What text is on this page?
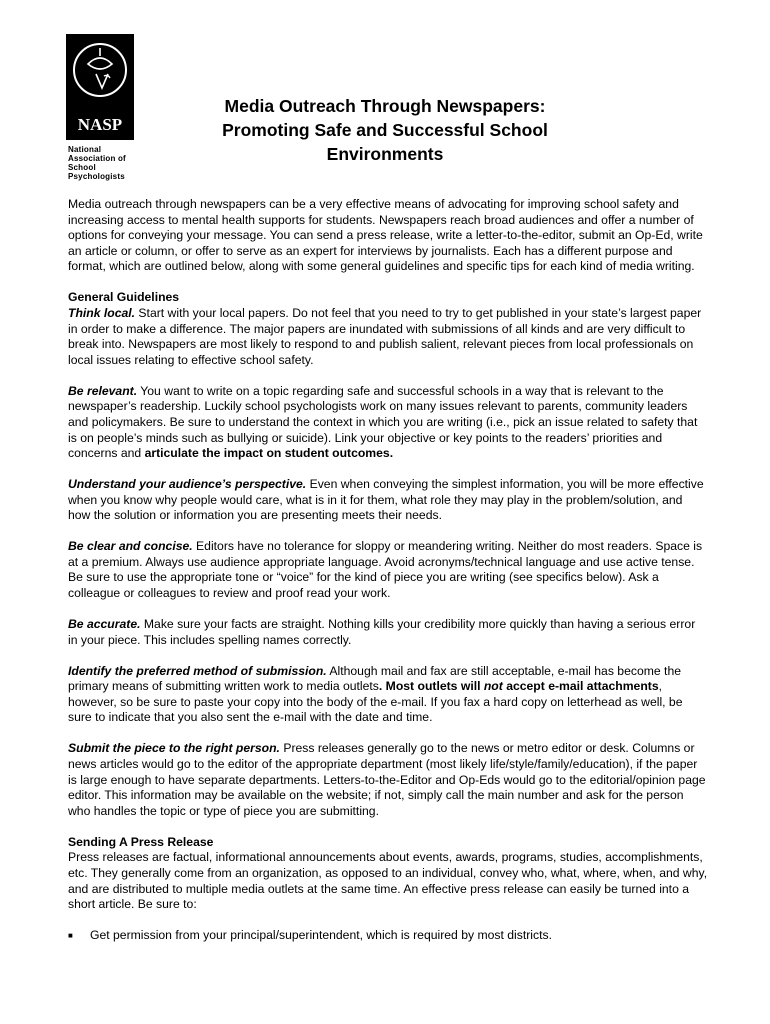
NASP
National
Association of
School
Psychologists
Media Outreach Through Newspapers:
Promoting Safe and Successful School
Environments

Media outreach through newspapers can be a very effective means of advocating for improving school safety and increasing access to mental health supports for students. Newspapers reach broad audiences and offer a number of options for conveying your message. You can send a press release, write a letter-to-the-editor, submit an Op-Ed, write an article or column, or offer to serve as an expert for interviews by journalists. Each has a different purpose and format, which are outlined below, along with some general guidelines and specific tips for each kind of media writing.

General Guidelines
Think local. Start with your local papers. Do not feel that you need to try to get published in your state’s largest paper in order to make a difference. The major papers are inundated with submissions of all kinds and are very difficult to break into. Newspapers are most likely to respond to and publish salient, relevant pieces from local professionals on local issues relating to effective school safety.

Be relevant. You want to write on a topic regarding safe and successful schools in a way that is relevant to the newspaper’s readership. Luckily school psychologists work on many issues relevant to parents, community leaders and policymakers. Be sure to understand the context in which you are writing (i.e., pick an issue related to safety that is on people’s minds such as bullying or suicide). Link your objective or key points to the readers’ priorities and concerns and articulate the impact on student outcomes.

Understand your audience’s perspective. Even when conveying the simplest information, you will be more effective when you know why people would care, what is in it for them, what role they may play in the problem/solution, and how the solution or information you are presenting meets their needs.

Be clear and concise. Editors have no tolerance for sloppy or meandering writing. Neither do most readers. Space is at a premium. Always use audience appropriate language. Avoid acronyms/technical language and use active tense. Be sure to use the appropriate tone or “voice” for the kind of piece you are writing (see specifics below). Ask a colleague or colleagues to review and proof read your work.

Be accurate. Make sure your facts are straight. Nothing kills your credibility more quickly than having a serious error in your piece. This includes spelling names correctly.

Identify the preferred method of submission. Although mail and fax are still acceptable, e-mail has become the primary means of submitting written work to media outlets. Most outlets will not accept e-mail attachments, however, so be sure to paste your copy into the body of the e-mail. If you fax a hard copy on letterhead as well, be sure to indicate that you also sent the e-mail with the date and time.

Submit the piece to the right person. Press releases generally go to the news or metro editor or desk. Columns or news articles would go to the editor of the appropriate department (most likely life/style/family/education), if the paper is large enough to have separate departments. Letters-to-the-Editor and Op-Eds would go to the editorial/opinion page editor. This information may be available on the website; if not, simply call the main number and ask for the person who handles the topic or type of piece you are submitting.

Sending A Press Release
Press releases are factual, informational announcements about events, awards, programs, studies, accomplishments, etc. They generally come from an organization, as opposed to an individual, convey who, what, where, when, and why, and are distributed to multiple media outlets at the same time. An effective press release can easily be turned into a short article. Be sure to:

■ Get permission from your principal/superintendent, which is required by most districts.
